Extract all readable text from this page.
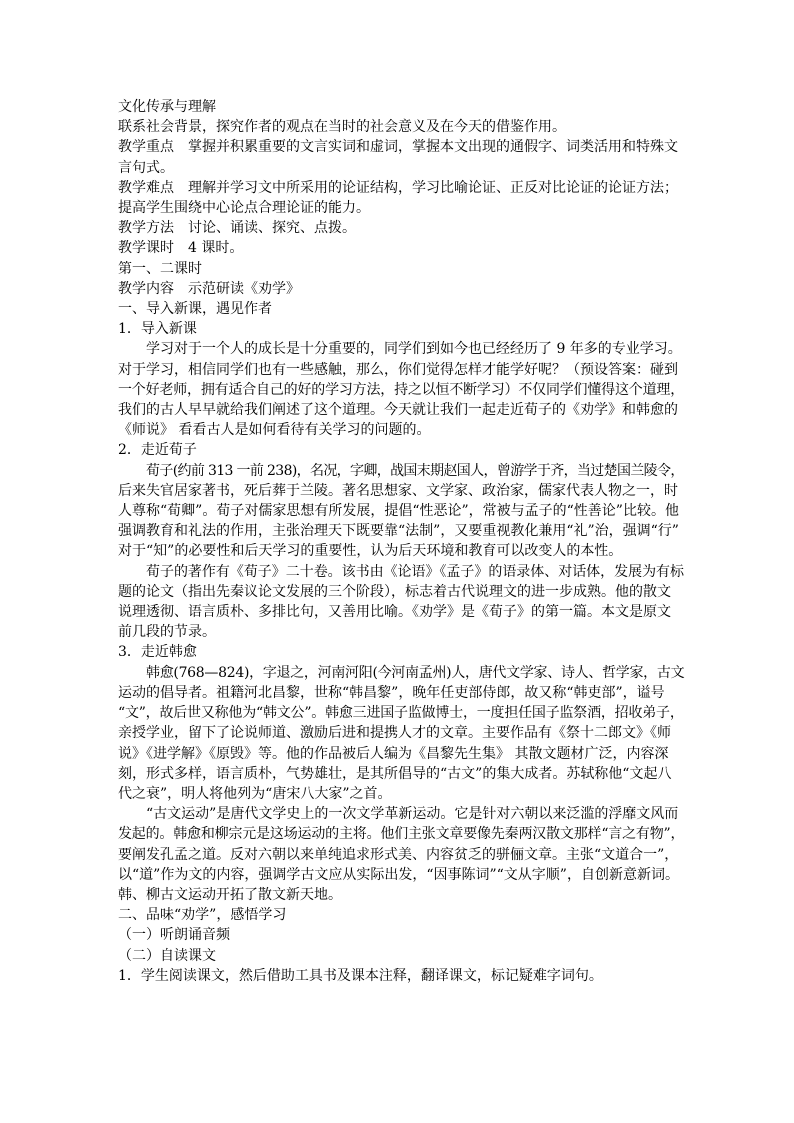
文化传承与理解

联系社会背景，探究作者的观点在当时的社会意义及在今天的借鉴作用。

教学重点　掌握并积累重要的文言实词和虚词，掌握本文出现的通假字、词类活用和特殊文

言句式。

教学难点　理解并学习文中所采用的论证结构，学习比喻论证、正反对比论证的论证方法；

提高学生围绕中心论点合理论证的能力。

教学方法　讨论、诵读、探究、点拨。

教学课时　4 课时。

第一、二课时

教学内容　示范研读《劝学》

一、导入新课，遇见作者

1．导入新课

学习对于一个人的成长是十分重要的，同学们到如今也已经经历了 9 年多的专业学习。

对于学习，相信同学们也有一些感触，那么，你们觉得怎样才能学好呢？（预设答案：碰到

一个好老师，拥有适合自己的好的学习方法，持之以恒不断学习）不仅同学们懂得这个道理，

我们的古人早早就给我们阐述了这个道理。今天就让我们一起走近荀子的《劝学》和韩愈的

《师说》 看看古人是如何看待有关学习的问题的。

2．走近荀子

荀子(约前 313 一前 238)，名况，字卿，战国末期赵国人，曾游学于齐，当过楚国兰陵令，

后来失官居家著书，死后葬于兰陵。著名思想家、文学家、政治家，儒家代表人物之一，时

人尊称“荀卿”。荀子对儒家思想有所发展，提倡“性恶论”，常被与孟子的“性善论”比较。他

强调教育和礼法的作用，主张治理天下既要靠“法制”，又要重视教化兼用“礼”治，强调“行”

对于“知”的必要性和后天学习的重要性，认为后天环境和教育可以改变人的本性。

荀子的著作有《荀子》二十卷。该书由《论语》《孟子》的语录体、对话体，发展为有标

题的论文（指出先秦议论文发展的三个阶段），标志着古代说理文的进一步成熟。他的散文

说理透彻、语言质朴、多排比句，又善用比喻。《劝学》是《荀子》的第一篇。本文是原文

前几段的节录。

3．走近韩愈

韩愈(768—824)，字退之，河南河阳(今河南孟州)人，唐代文学家、诗人、哲学家，古文

运动的倡导者。祖籍河北昌黎，世称“韩昌黎”，晚年任吏部侍郎，故又称“韩吏部”，谥号

“文”，故后世又称他为“韩文公”。韩愈三进国子监做博士，一度担任国子监祭酒，招收弟子，

亲授学业，留下了论说师道、激励后进和提携人才的文章。主要作品有《祭十二郎文》《师

说》《进学解》《原毁》等。他的作品被后人编为《昌黎先生集》 其散文题材广泛，内容深

刻，形式多样，语言质朴，气势雄壮，是其所倡导的“古文”的集大成者。苏轼称他“文起八

代之衰”，明人将他列为“唐宋八大家”之首。

“古文运动”是唐代文学史上的一次文学革新运动。它是针对六朝以来泛滥的浮靡文风而

发起的。韩愈和柳宗元是这场运动的主将。他们主张文章要像先秦两汉散文那样“言之有物”，

要阐发孔孟之道。反对六朝以来单纯追求形式美、内容贫乏的骈俪文章。主张“文道合一”，

以“道”作为文的内容，强调学古文应从实际出发，“因事陈词”“文从字顺”，自创新意新词。

韩、柳古文运动开拓了散文新天地。

二、品味“劝学”，感悟学习

（一）听朗诵音频

（二）自读课文

1．学生阅读课文，然后借助工具书及课本注释，翻译课文，标记疑难字词句。
